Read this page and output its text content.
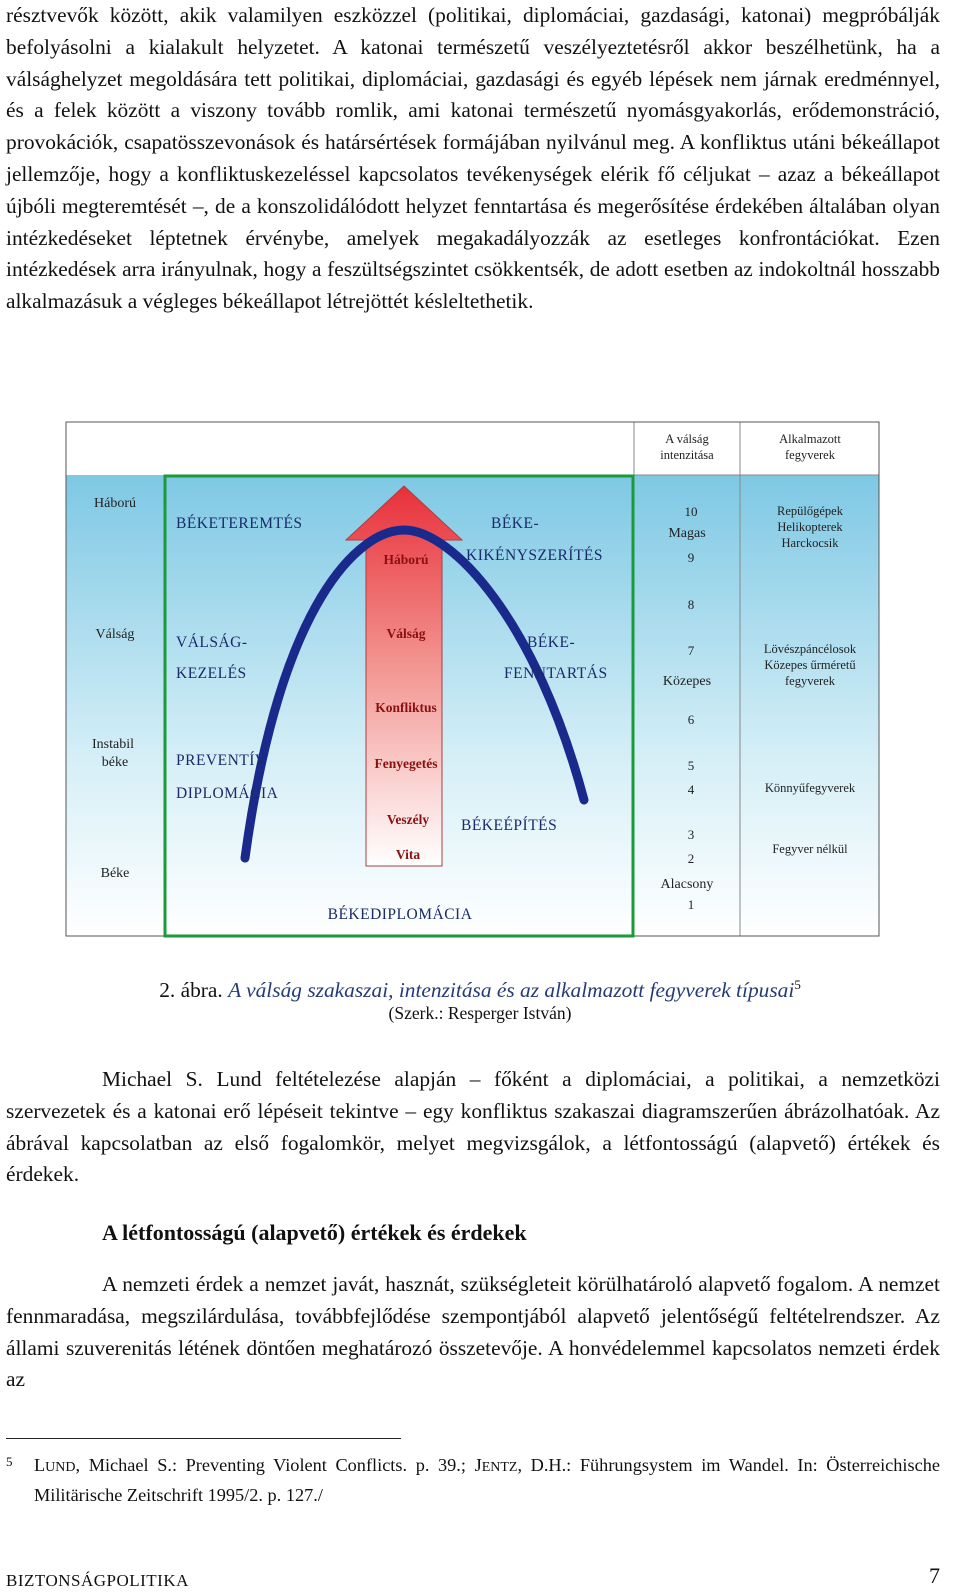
résztvevők között, akik valamilyen eszközzel (politikai, diplomáciai, gazdasági, katonai) megpróbálják befolyásolni a kialakult helyzetet. A katonai természetű veszélyeztetésről akkor beszélhetünk, ha a válsághelyzet megoldására tett politikai, diplomáciai, gazdasági és egyéb lépések nem járnak eredménnyel, és a felek között a viszony tovább romlik, ami katonai természetű nyomásgyakorlás, erődemonstráció, provokációk, csapatösszevonások és határsértések formájában nyilvánul meg. A konfliktus utáni békeállapot jellemzője, hogy a konfliktuskezeléssel kapcsolatos tevékenységek elérik fő céljukat – azaz a békeállapot újbóli megteremtését –, de a konszolidálódott helyzet fenntartása és megerősítése érdekében általában olyan intézkedéseket léptetnek érvénybe, amelyek megakadályozzák az esetleges konfrontációkat. Ezen intézkedések arra irányulnak, hogy a feszültségszintet csökkentsék, de adott esetben az indokoltnál hosszabb alkalmazásuk a végleges békeállapot létrejöttét késleltethetik.

A válság
intenzitása
Alkalmazott
fegyverek
Háború
Válság
Instabil
béke
Béke
BÉKETEREMTÉS	BÉKE-
KIKÉNYSZERÍTÉS
VÁLSÁG-
KEZELÉS
BÉKE-
FENNTARTÁS
PREVENTÍV
DIPLOMÁCIA
BÉKEÉPÍTÉS
BÉKEDIPLOMÁCIA
Háború
Válság
Konfliktus
Fenyegetés
Veszély
Vita
10
Magas
9
8
7
Közepes
6
5
4
3
2
Alacsony
1
Repülőgépek
Helikopterek
Harckocsik
Lövészpáncélosok
Közepes űrméretű
fegyverek
Könnyűfegyverek
Fegyver nélkül
2. ábra. A válság szakaszai, intenzitása és az alkalmazott fegyverek típusai$^5$
(Szerk.: Resperger István)

Michael S. Lund feltételezése alapján – főként a diplomáciai, a politikai, a nemzetközi szervezetek és a katonai erő lépéseit tekintve – egy konfliktus szakaszai diagramszerűen ábrázolhatóak. Az ábrával kapcsolatban az első fogalomkör, melyet megvizsgálok, a létfontosságú (alapvető) értékek és érdekek.

A létfontosságú (alapvető) értékek és érdekek

A nemzeti érdek a nemzet javát, hasznát, szükségleteit körülhatároló alapvető fogalom. A nemzet fennmaradása, megszilárdulása, továbbfejlődése szempontjából alapvető jelentőségű feltételrendszer. Az állami szuverenitás létének döntően meghatározó összetevője. A honvédelemmel kapcsolatos nemzeti érdek az

5	LUND, Michael S.: Preventing Violent Conflicts. p. 39.; JENTZ, D.H.: Führungsystem im Wandel. In: Österreichische Militärische Zeitschrift 1995/2. p. 127./

BIZTONSÁGPOLITIKA	7
